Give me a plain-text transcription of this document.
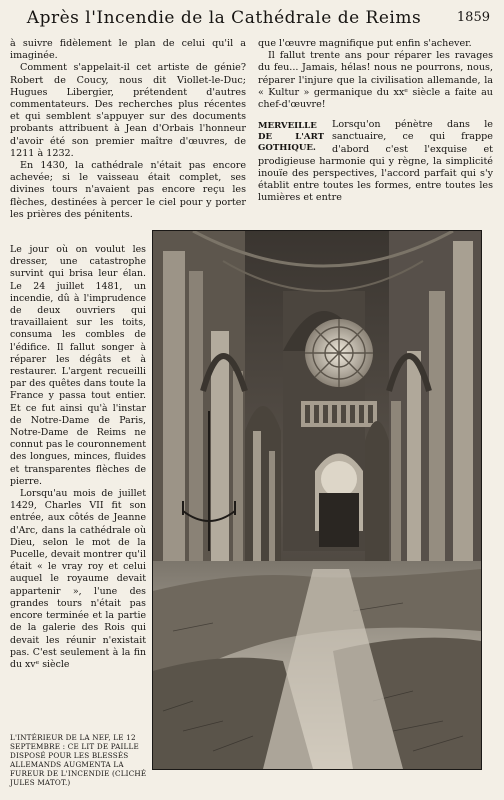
Après l'Incendie de la Cathédrale de Reims	1859

à suivre fidèlement le plan de celui qu'il a imaginée.

Comment s'appelait-il cet artiste de génie? Robert de Coucy, nous dit Viollet-le-Duc; Hugues Libergier, prétendent d'autres commentateurs. Des recherches plus récentes et qui semblent s'appuyer sur des documents probants attribuent à Jean d'Orbais l'honneur d'avoir été son premier maître d'œuvres, de 1211 à 1232.

En 1430, la cathédrale n'était pas encore achevée; si le vaisseau était complet, ses divines tours n'avaient pas encore reçu les flèches, destinées à percer le ciel pour y porter les prières des pénitents.

Le jour où on voulut les dresser, une catastrophe survint qui brisa leur élan. Le 24 juillet 1481, un incendie, dû à l'imprudence de deux ouvriers qui travaillaient sur les toits, consuma les combles de l'édifice. Il fallut songer à réparer les dégâts et à restaurer. L'argent recueilli par des quêtes dans toute la France y passa tout entier. Et ce fut ainsi qu'à l'instar de Notre-Dame de Paris, Notre-Dame de Reims ne connut pas le couronnement des longues, minces, fluides et transparentes flèches de pierre.

Lorsqu'au mois de juillet 1429, Charles VII fit son entrée, aux côtés de Jeanne d'Arc, dans la cathédrale où Dieu, selon le mot de la Pucelle, devait montrer qu'il était « le vray roy et celui auquel le royaume devait appartenir », l'une des grandes tours n'était pas encore terminée et la partie de la galerie des Rois qui devait les réunir n'existait pas. C'est seulement à la fin du xvᵉ siècle

que l'œuvre magnifique put enfin s'achever.

Il fallut trente ans pour réparer les ravages du feu... Jamais, hélas! nous ne pourrons, nous, réparer l'injure que la civilisation allemande, la « Kultur » germanique du xxᵉ siècle a faite au chef-d'œuvre!

MERVEILLE DE L'ART GOTHIQUE.
Lorsqu'on pénètre dans le sanctuaire, ce qui frappe d'abord c'est l'exquise et prodigieuse harmonie qui y règne, la simplicité inouïe des perspectives, l'accord parfait qui s'y établit entre toutes les formes, entre toutes les lumières et entre
L'INTÉRIEUR DE LA NEF, LE 12 SEPTEMBRE : CE LIT DE PAILLE DISPOSÉ POUR LES BLESSÉS ALLEMANDS AUGMENTA LA FUREUR DE L'INCENDIE (CLICHÉ JULES MATOT.)
